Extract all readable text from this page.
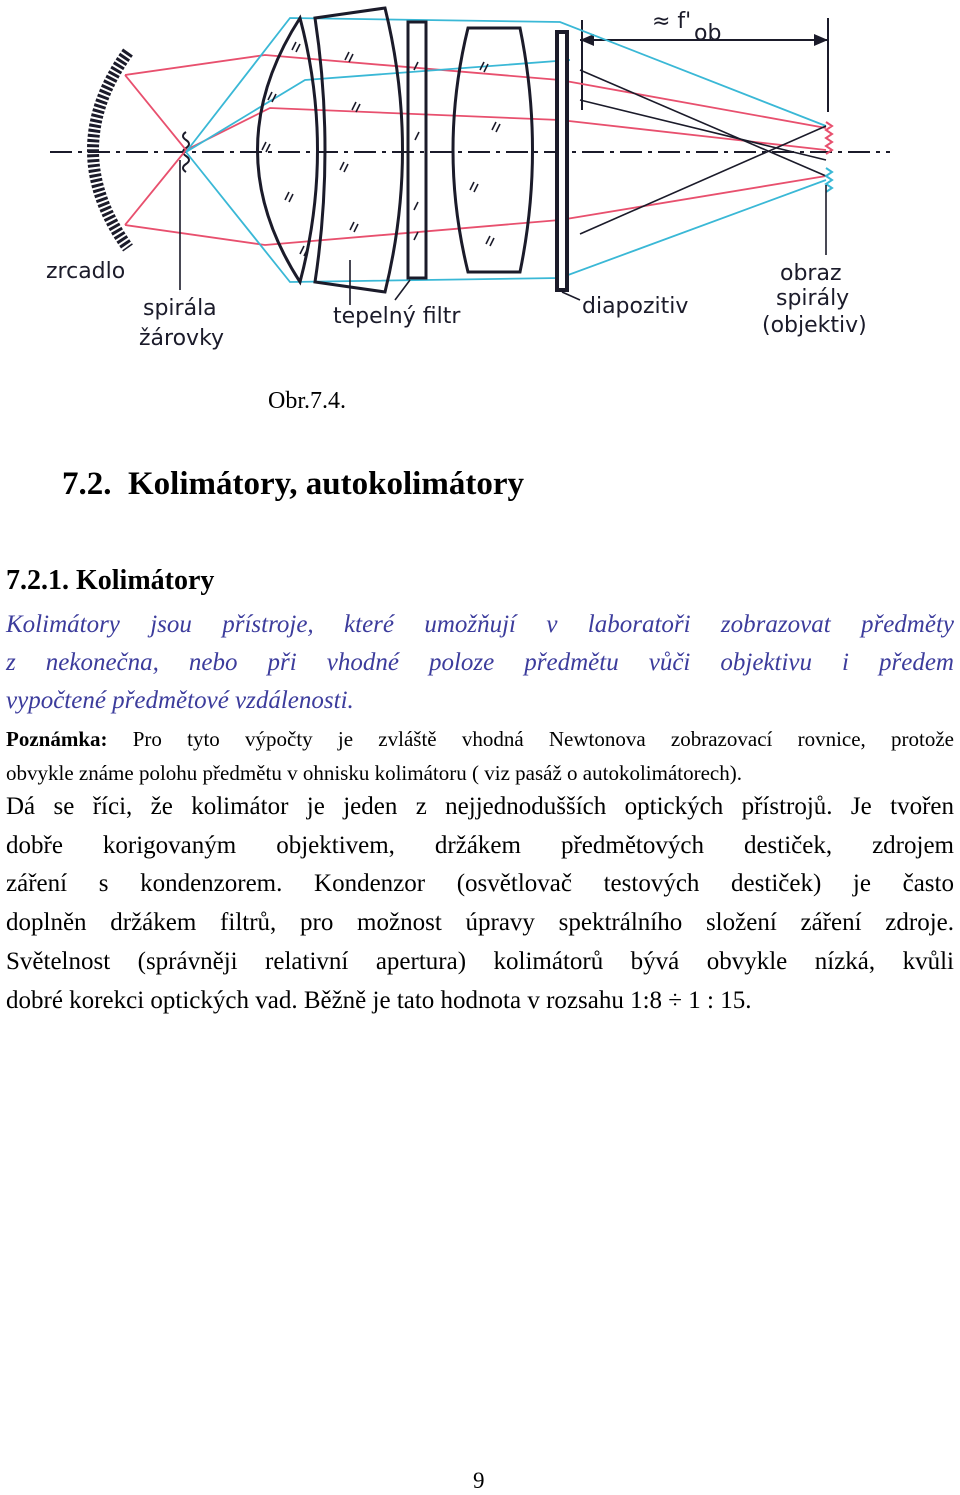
≈ f' ob
zrcadlo
spirála
žárovky
tepelný filtr	diapozitiv
obraz
spirály
(objektiv)
Obr.7.4.
7.2. Kolimátory, autokolimátory
7.2.1. Kolimátory
Kolimátory jsou přístroje, které umožňují v laboratoři zobrazovat předměty
z nekonečna, nebo při vhodné poloze předmětu vůči objektivu i předem
vypočtené předmětové vzdálenosti.
Poznámka: Pro tyto výpočty je zvláště vhodná Newtonova zobrazovací rovnice, protože
obvykle známe polohu předmětu v ohnisku kolimátoru ( viz pasáž o autokolimátorech).
Dá se říci, že kolimátor je jeden z nejjednodušších optických přístrojů. Je tvořen
dobře korigovaným objektivem, držákem předmětových destiček, zdrojem
záření s kondenzorem. Kondenzor (osvětlovač testových destiček) je často
doplněn držákem filtrů, pro možnost úpravy spektrálního složení záření zdroje.
Světelnost (správněji relativní apertura) kolimátorů bývá obvykle nízká, kvůli
dobré korekci optických vad. Běžně je tato hodnota v rozsahu 1:8 ÷ 1 : 15.
9
